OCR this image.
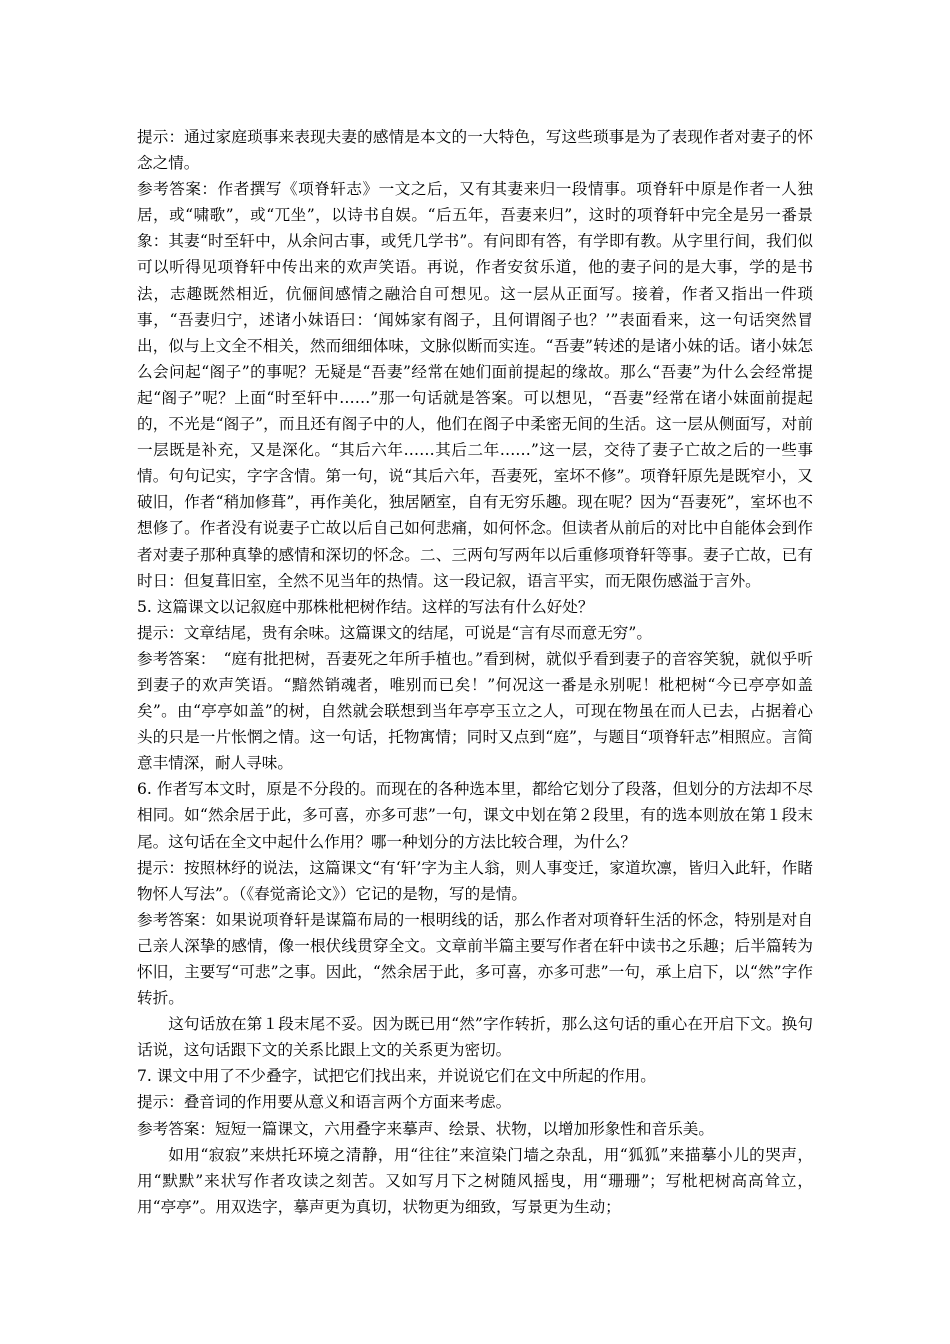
提示：通过家庭琐事来表现夫妻的感情是本文的一大特色，写这些琐事是为了表现作者对妻子的怀念之情。

参考答案：作者撰写《项脊轩志》一文之后，又有其妻来归一段情事。项脊轩中原是作者一人独居，或“啸歌”，或“兀坐”，以诗书自娱。“后五年，吾妻来归”，这时的项脊轩中完全是另一番景象：其妻“时至轩中，从余问古事，或凭几学书”。有问即有答，有学即有教。从字里行间，我们似可以听得见项脊轩中传出来的欢声笑语。再说，作者安贫乐道，他的妻子问的是大事，学的是书法，志趣既然相近，伉俪间感情之融洽自可想见。这一层从正面写。接着，作者又指出一件琐事，“吾妻归宁，述诸小妹语曰：‘闻姊家有阁子，且何谓阁子也？’”表面看来，这一句话突然冒出，似与上文全不相关，然而细细体味，文脉似断而实连。“吾妻”转述的是诸小妹的话。诸小妹怎么会问起“阁子”的事呢？无疑是“吾妻”经常在她们面前提起的缘故。那么“吾妻”为什么会经常提起“阁子”呢？上面“时至轩中……”那一句话就是答案。可以想见，“吾妻”经常在诸小妹面前提起的，不光是“阁子”，而且还有阁子中的人，他们在阁子中柔密无间的生活。这一层从侧面写，对前一层既是补充，又是深化。“其后六年……其后二年……”这一层，交待了妻子亡故之后的一些事情。句句记实，字字含情。第一句，说“其后六年，吾妻死，室坏不修”。项脊轩原先是既窄小，又破旧，作者“稍加修葺”，再作美化，独居陋室，自有无穷乐趣。现在呢？因为“吾妻死”，室坏也不想修了。作者没有说妻子亡故以后自己如何悲痛，如何怀念。但读者从前后的对比中自能体会到作者对妻子那种真挚的感情和深切的怀念。二、三两句写两年以后重修项脊轩等事。妻子亡故，已有时日：但复葺旧室，全然不见当年的热情。这一段记叙，语言平实，而无限伤感溢于言外。

5. 这篇课文以记叙庭中那株枇杷树作结。这样的写法有什么好处？

提示：文章结尾，贵有余味。这篇课文的结尾，可说是“言有尽而意无穷”。

参考答案：　“庭有批把树，吾妻死之年所手植也。”看到树，就似乎看到妻子的音容笑貌，就似乎听到妻子的欢声笑语。“黯然销魂者，唯别而已矣！”何况这一番是永别呢！枇杷树“今已亭亭如盖矣”。由“亭亭如盖”的树，自然就会联想到当年亭亭玉立之人，可现在物虽在而人已去，占据着心头的只是一片怅惘之情。这一句话，托物寓情；同时又点到“庭”，与题目“项脊轩志”相照应。言简意丰情深，耐人寻味。

6. 作者写本文时，原是不分段的。而现在的各种选本里，都给它划分了段落，但划分的方法却不尽相同。如“然余居于此，多可喜，亦多可悲”一句，课文中划在第２段里，有的选本则放在第１段末尾。这句话在全文中起什么作用？哪一种划分的方法比较合理，为什么？

提示：按照林纾的说法，这篇课文“有‘轩’字为主人翁，则人事变迁，家道坎凛，皆归入此轩，作睹物怀人写法”。（《春觉斋论文》）它记的是物，写的是情。

参考答案：如果说项脊轩是谋篇布局的一根明线的话，那么作者对项脊轩生活的怀念，特别是对自己亲人深挚的感情，像一根伏线贯穿全文。文章前半篇主要写作者在轩中读书之乐趣；后半篇转为怀旧，主要写“可悲”之事。因此，“然余居于此，多可喜，亦多可悲”一句，承上启下，以“然”字作转折。

这句话放在第１段末尾不妥。因为既已用“然”字作转折，那么这句话的重心在开启下文。换句话说，这句话跟下文的关系比跟上文的关系更为密切。

7. 课文中用了不少叠字，试把它们找出来，并说说它们在文中所起的作用。

提示：叠音词的作用要从意义和语言两个方面来考虑。

参考答案：短短一篇课文，六用叠字来摹声、绘景、状物，以增加形象性和音乐美。

如用“寂寂”来烘托环境之清静，用“往往”来渲染门墙之杂乱，用“狐狐”来描摹小儿的哭声，用“默默”来状写作者攻读之刻苦。又如写月下之树随风摇曳，用“珊珊”；写枇杷树高高耸立，用“亭亭”。用双迭字，摹声更为真切，状物更为细致，写景更为生动；
